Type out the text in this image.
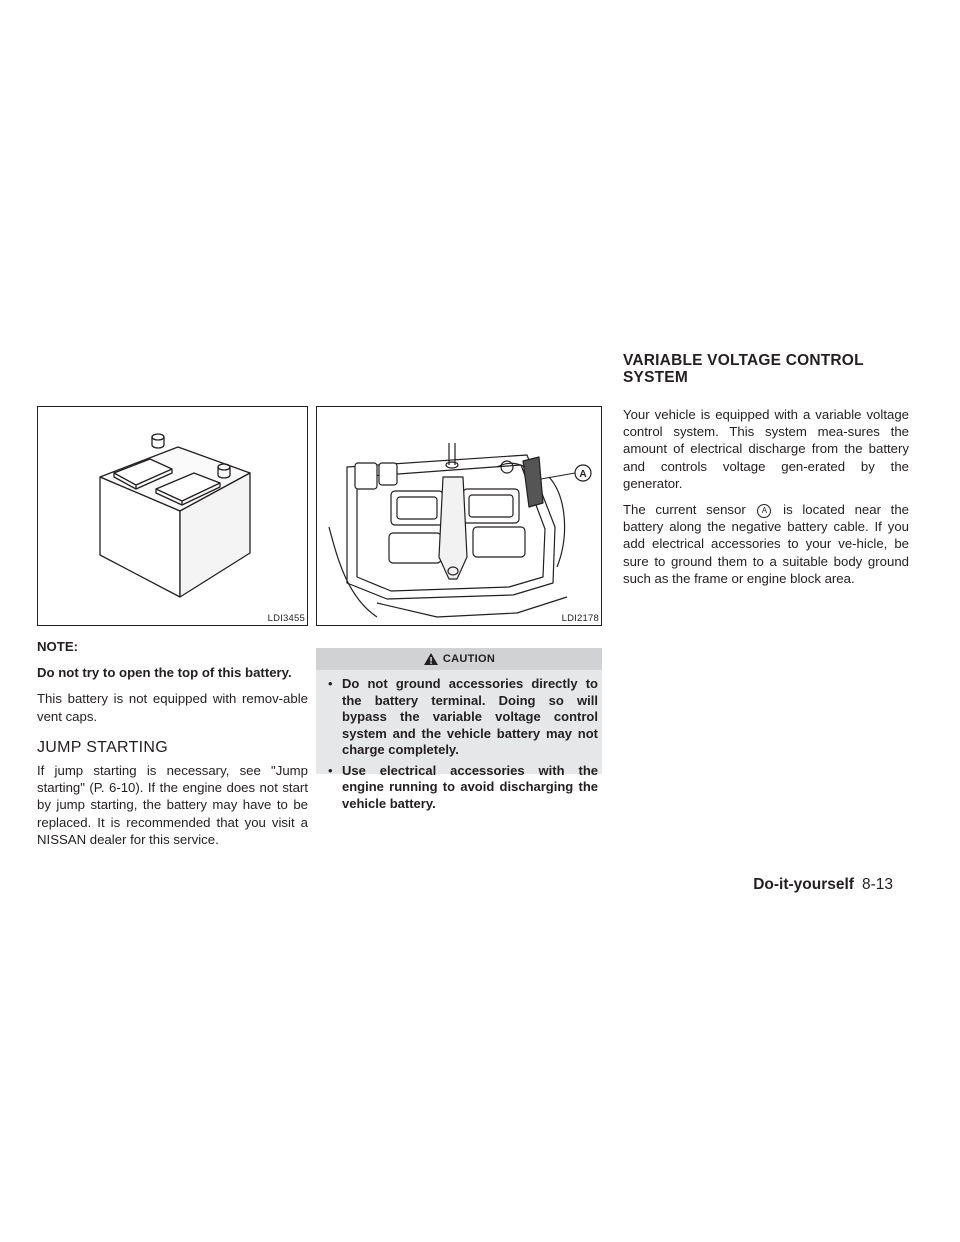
VARIABLE VOLTAGE CONTROL
SYSTEM
LDI3455
A
LDI2178

NOTE:

Do not try to open the top of this battery.

This battery is not equipped with remov-able vent caps.

JUMP STARTING

If jump starting is necessary, see "Jump starting" (P. 6-10). If the engine does not start by jump starting, the battery may have to be replaced. It is recommended that you visit a NISSAN dealer for this service.

CAUTION
• Do not ground accessories directly to the battery terminal. Doing so will bypass the variable voltage control system and the vehicle battery may not charge completely.
• Use electrical accessories with the engine running to avoid discharging the vehicle battery.

Your vehicle is equipped with a variable voltage control system. This system mea-sures the amount of electrical discharge from the battery and controls voltage gen-erated by the generator.

The current sensor A is located near the battery along the negative battery cable. If you add electrical accessories to your ve-hicle, be sure to ground them to a suitable body ground such as the frame or engine block area.

Do-it-yourself 8-13
